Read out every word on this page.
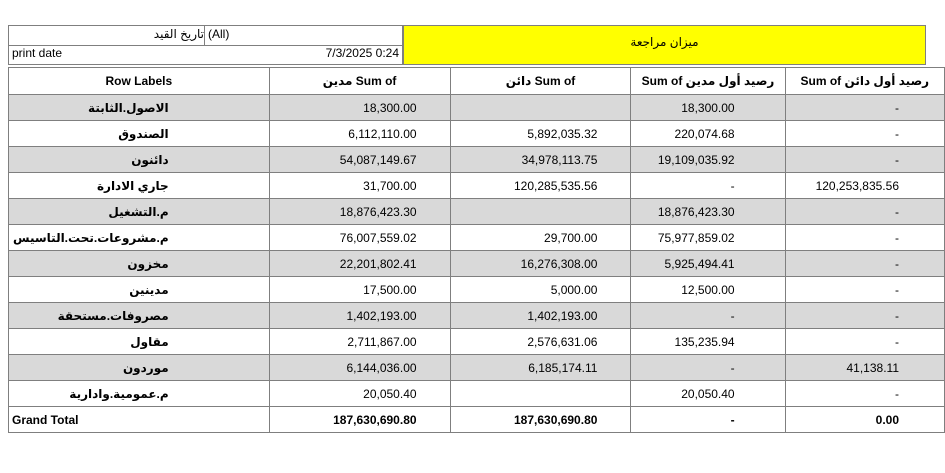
تاريخ القيد (All)
print date	7/3/2025 0:24
ميزان مراجعة
Row Labels	Sum of مدين	Sum of دائن	رصيد أول مدين Sum of	رصيد أول دائن Sum of
الاصول.الثابتة	18,300.00		18,300.00	-
الصندوق	6,112,110.00	5,892,035.32	220,074.68	-
دائنون	54,087,149.67	34,978,113.75	19,109,035.92	-
جاري الادارة	31,700.00	120,285,535.56	-	120,253,835.56
م.التشغيل	18,876,423.30		18,876,423.30	-
م.مشروعات.تحت.التاسيس	76,007,559.02	29,700.00	75,977,859.02	-
مخزون	22,201,802.41	16,276,308.00	5,925,494.41	-
مدينين	17,500.00	5,000.00	12,500.00	-
مصروفات.مستحقة	1,402,193.00	1,402,193.00	-	-
مقاول	2,711,867.00	2,576,631.06	135,235.94	-
موردون	6,144,036.00	6,185,174.11	-	41,138.11
م.عمومية.وادارية	20,050.40		20,050.40	-
Grand Total	187,630,690.80	187,630,690.80	-	0.00
